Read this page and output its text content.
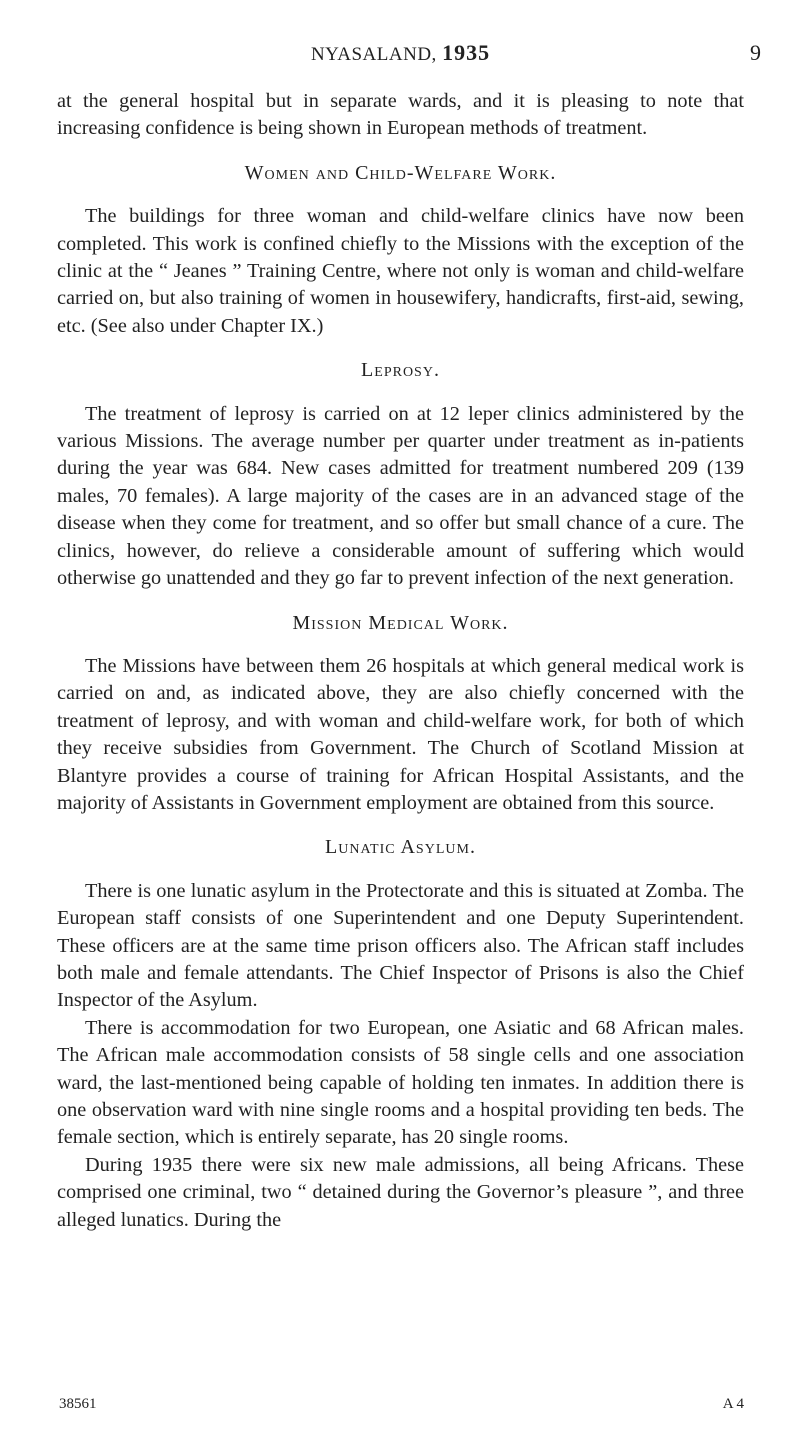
NYASALAND, 1935	9

at the general hospital but in separate wards, and it is pleasing to note that increasing confidence is being shown in European methods of treatment.

Women and Child-Welfare Work.

The buildings for three woman and child-welfare clinics have now been completed. This work is confined chiefly to the Missions with the exception of the clinic at the “ Jeanes ” Training Centre, where not only is woman and child-welfare carried on, but also training of women in housewifery, handicrafts, first-aid, sewing, etc. (See also under Chapter IX.)

Leprosy.

The treatment of leprosy is carried on at 12 leper clinics administered by the various Missions. The average number per quarter under treatment as in-patients during the year was 684. New cases admitted for treatment numbered 209 (139 males, 70 females). A large majority of the cases are in an advanced stage of the disease when they come for treatment, and so offer but small chance of a cure. The clinics, however, do relieve a considerable amount of suffering which would otherwise go unattended and they go far to prevent infection of the next generation.

Mission Medical Work.

The Missions have between them 26 hospitals at which general medical work is carried on and, as indicated above, they are also chiefly concerned with the treatment of leprosy, and with woman and child-welfare work, for both of which they receive subsidies from Government. The Church of Scotland Mission at Blantyre provides a course of training for African Hospital Assistants, and the majority of Assistants in Government employment are obtained from this source.

Lunatic Asylum.

There is one lunatic asylum in the Protectorate and this is situated at Zomba. The European staff consists of one Superintendent and one Deputy Superintendent. These officers are at the same time prison officers also. The African staff includes both male and female attendants. The Chief Inspector of Prisons is also the Chief Inspector of the Asylum.

There is accommodation for two European, one Asiatic and 68 African males. The African male accommodation consists of 58 single cells and one association ward, the last-mentioned being capable of holding ten inmates. In addition there is one observation ward with nine single rooms and a hospital providing ten beds. The female section, which is entirely separate, has 20 single rooms.

During 1935 there were six new male admissions, all being Africans. These comprised one criminal, two “ detained during the Governor’s pleasure ”, and three alleged lunatics. During the

38561	A 4
